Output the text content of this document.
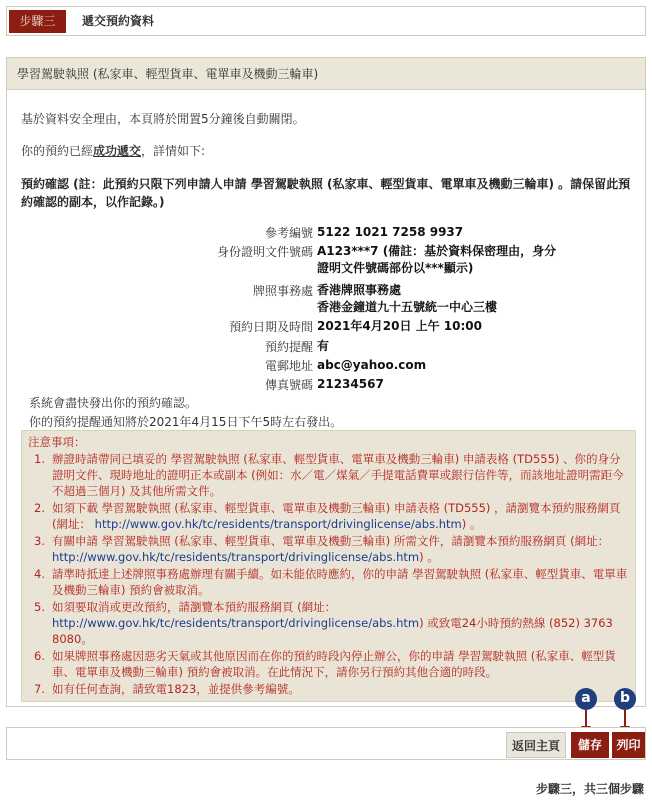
步驟三	遞交預約資料
學習駕駛執照 (私家車、輕型貨車、電單車及機動三輪車)
基於資料安全理由，本頁將於閒置5分鐘後自動關閉。
你的預約已經成功遞交，詳情如下:
預約確認 (註：此預約只限下列申請人申請 學習駕駛執照 (私家車、輕型貨車、電單車及機動三輪車) 。請保留此預約確認的副本，以作記錄。)
參考編號 5122 1021 7258 9937
身份證明文件號碼 A123***7 (備註：基於資料保密理由，身分
證明文件號碼部份以***顯示)
牌照事務處 香港牌照事務處
香港金鐘道九十五號統一中心三樓
預約日期及時間 2021年4月20日 上午 10:00
預約提醒 有
電郵地址 abc@yahoo.com
傳真號碼 21234567
系統會盡快發出你的預約確認。
你的預約提醒通知將於2021年4月15日下午5時左右發出。
注意事項：
1. 辦證時請帶同已填妥的 學習駕駛執照 (私家車、輕型貨車、電單車及機動三輪車) 申請表格 (TD555) 、你的身分證明文件、現時地址的證明正本或副本 (例如：水／電／煤氣／手提電話費單或銀行信件等，而該地址證明需距今不超過三個月) 及其他所需文件。
2. 如須下載 學習駕駛執照 (私家車、輕型貨車、電單車及機動三輪車) 申請表格 (TD555) ，請瀏覽本預約服務網頁 (網址： http://www.gov.hk/tc/residents/transport/drivinglicense/abs.htm) 。
3. 有關申請 學習駕駛執照 (私家車、輕型貨車、電單車及機動三輪車) 所需文件，請瀏覽本預約服務網頁 (網址： http://www.gov.hk/tc/residents/transport/drivinglicense/abs.htm) 。
4. 請準時抵達上述牌照事務處辦理有關手續。如未能依時應約，你的申請 學習駕駛執照 (私家車、輕型貨車、電單車及機動三輪車) 預約會被取消。
5. 如須要取消或更改預約，請瀏覽本預約服務網頁 (網址： http://www.gov.hk/tc/residents/transport/drivinglicense/abs.htm) 或致電24小時預約熱線 (852) 3763 8080。
6. 如果牌照事務處因惡劣天氣或其他原因而在你的預約時段內停止辦公，你的申請 學習駕駛執照 (私家車、輕型貨車、電單車及機動三輪車) 預約會被取消。在此情況下，請你另行預約其他合適的時段。
7. 如有任何查詢，請致電1823，並提供參考編號。
a	b
返回主頁	儲存	列印
步驟三，共三個步驟
